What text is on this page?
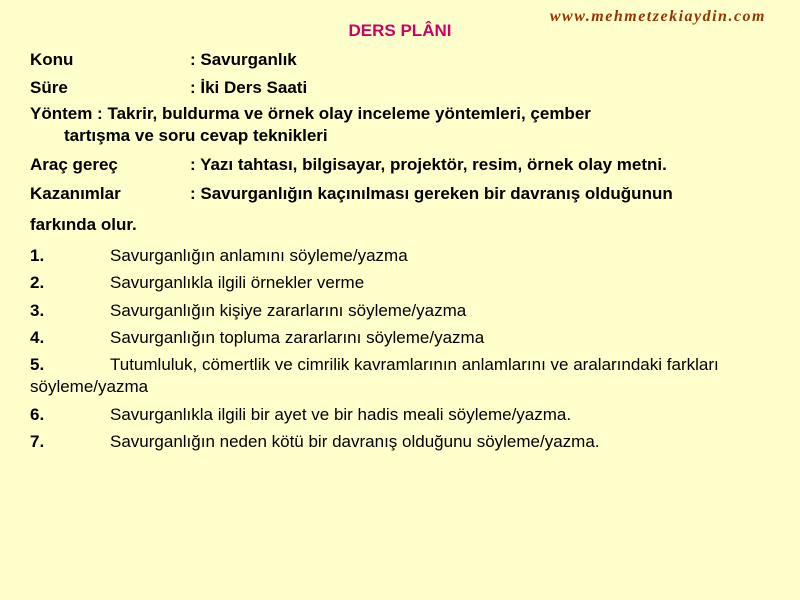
www.mehmetzekiaydin.com
DERS PLÂNI
Konu	: Savurganlık
Süre	: İki Ders Saati
Yöntem : Takrir, buldurma ve örnek olay inceleme yöntemleri, çember
tartışma ve soru cevap teknikleri
Araç gereç	: Yazı tahtası, bilgisayar, projektör, resim, örnek olay metni.
Kazanımlar	: Savurganlığın kaçınılması gereken bir davranış olduğunun
farkında olur.
1.	Savurganlığın anlamını söyleme/yazma
2.	Savurganlıkla ilgili örnekler verme
3.	Savurganlığın kişiye zararlarını söyleme/yazma
4.	Savurganlığın topluma zararlarını söyleme/yazma
5.	Tutumluluk, cömertlik ve cimrilik kavramlarının anlamlarını ve aralarındaki farkları söyleme/yazma
6.	Savurganlıkla ilgili bir ayet ve bir hadis meali söyleme/yazma.
7.	Savurganlığın neden kötü bir davranış olduğunu söyleme/yazma.
